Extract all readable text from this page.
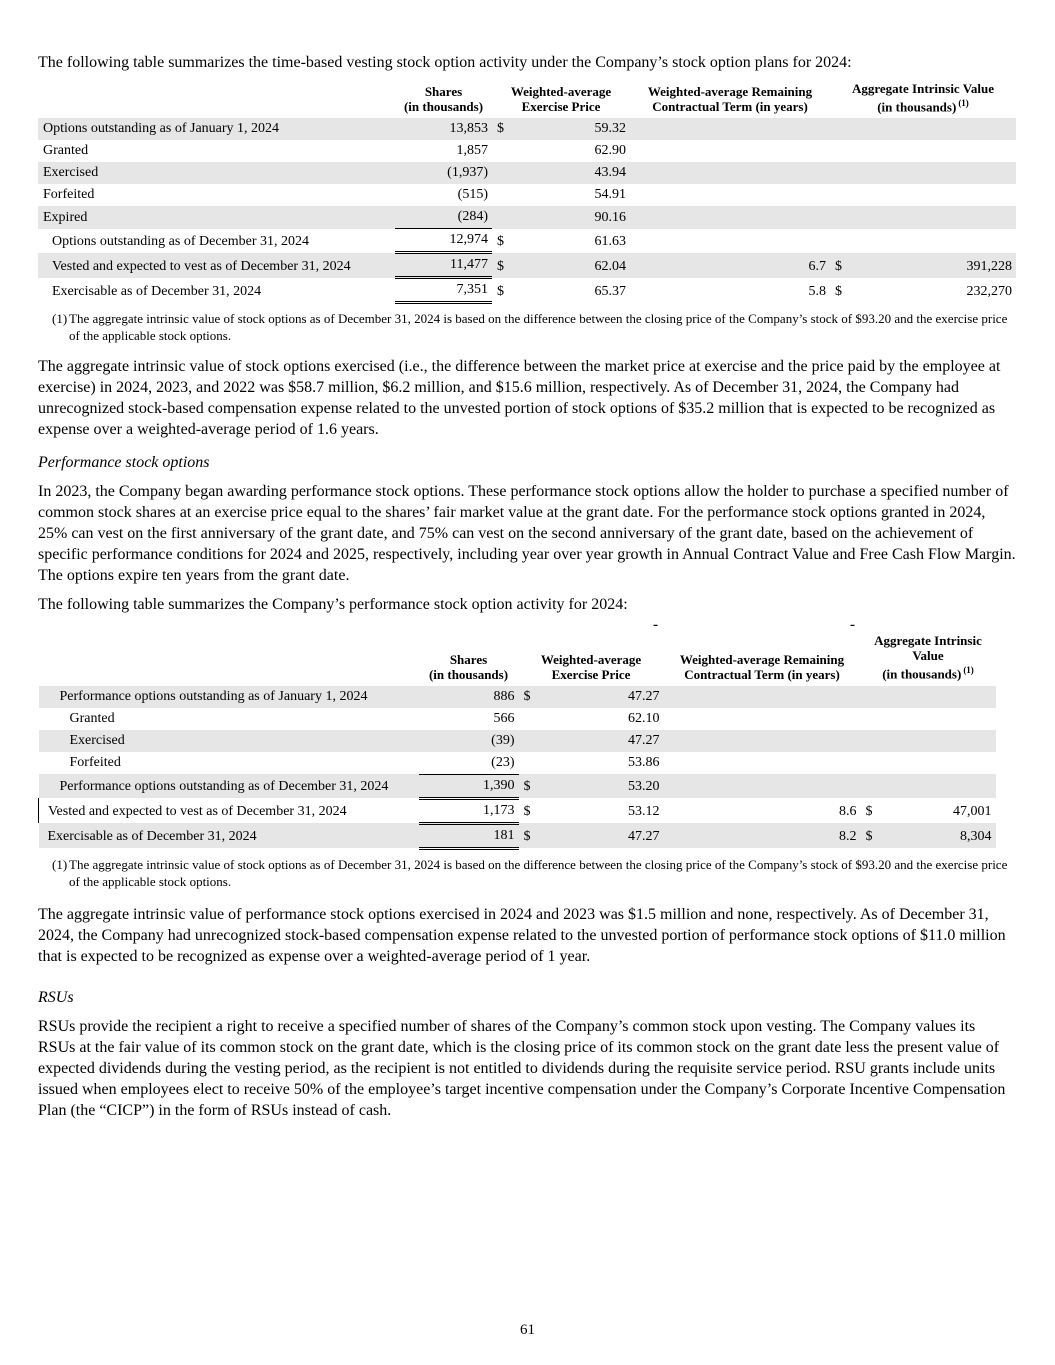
The following table summarizes the time-based vesting stock option activity under the Company’s stock option plans for 2024:

	Shares
(in thousands)	Weighted-average
Exercise Price		Weighted-average Remaining
Contractual Term (in years)	Aggregate Intrinsic Value
(in thousands) $^{(1)}$

Options outstanding as of January 1, 2024	13,853	$	59.32			
Granted	1,857		62.90			
Exercised	(1,937)		43.94			
Forfeited	(515)		54.91			
Expired	(284)		90.16			
Options outstanding as of December 31, 2024	12,974	$	61.63			
Vested and expected to vest as of December 31, 2024	11,477	$	62.04	6.7	$	391,228
Exercisable as of December 31, 2024	7,351	$	65.37	5.8	$	232,270
(1) The aggregate intrinsic value of stock options as of December 31, 2024 is based on the difference between the closing price of the Company’s stock of $93.20 and the exercise price of the applicable stock options.

The aggregate intrinsic value of stock options exercised (i.e., the difference between the market price at exercise and the price paid by the employee at exercise) in 2024, 2023, and 2022 was $58.7 million, $6.2 million, and $15.6 million, respectively. As of December 31, 2024, the Company had unrecognized stock-based compensation expense related to the unvested portion of stock options of $35.2 million that is expected to be recognized as expense over a weighted-average period of 1.6 years.

Performance stock options

In 2023, the Company began awarding performance stock options. These performance stock options allow the holder to purchase a specified number of common stock shares at an exercise price equal to the shares’ fair market value at the grant date. For the performance stock options granted in 2024, 25% can vest on the first anniversary of the grant date, and 75% can vest on the second anniversary of the grant date, based on the achievement of specific performance conditions for 2024 and 2025, respectively, including year over year growth in Annual Contract Value and Free Cash Flow Margin. The options expire ten years from the grant date.

The following table summarizes the Company’s performance stock option activity for 2024:

-	-

	Shares
(in thousands)	Weighted-average
Exercise Price		Weighted-average Remaining
Contractual Term (in years)	Aggregate Intrinsic
Value
(in thousands) $^{(1)}$

Performance options outstanding as of January 1, 2024	886	$	47.27			
Granted	566		62.10			
Exercised	(39)		47.27			
Forfeited	(23)		53.86			
Performance options outstanding as of December 31, 2024	1,390	$	53.20			
Vested and expected to vest as of December 31, 2024	1,173	$	53.12	8.6	$	47,001
Exercisable as of December 31, 2024	181	$	47.27	8.2	$	8,304
(1) The aggregate intrinsic value of stock options as of December 31, 2024 is based on the difference between the closing price of the Company’s stock of $93.20 and the exercise price of the applicable stock options.

The aggregate intrinsic value of performance stock options exercised in 2024 and 2023 was $1.5 million and none, respectively. As of December 31, 2024, the Company had unrecognized stock-based compensation expense related to the unvested portion of performance stock options of $11.0 million that is expected to be recognized as expense over a weighted-average period of 1 year.

RSUs

RSUs provide the recipient a right to receive a specified number of shares of the Company’s common stock upon vesting. The Company values its RSUs at the fair value of its common stock on the grant date, which is the closing price of its common stock on the grant date less the present value of expected dividends during the vesting period, as the recipient is not entitled to dividends during the requisite service period. RSU grants include units issued when employees elect to receive 50% of the employee’s target incentive compensation under the Company’s Corporate Incentive Compensation Plan (the “CICP”) in the form of RSUs instead of cash.

61
